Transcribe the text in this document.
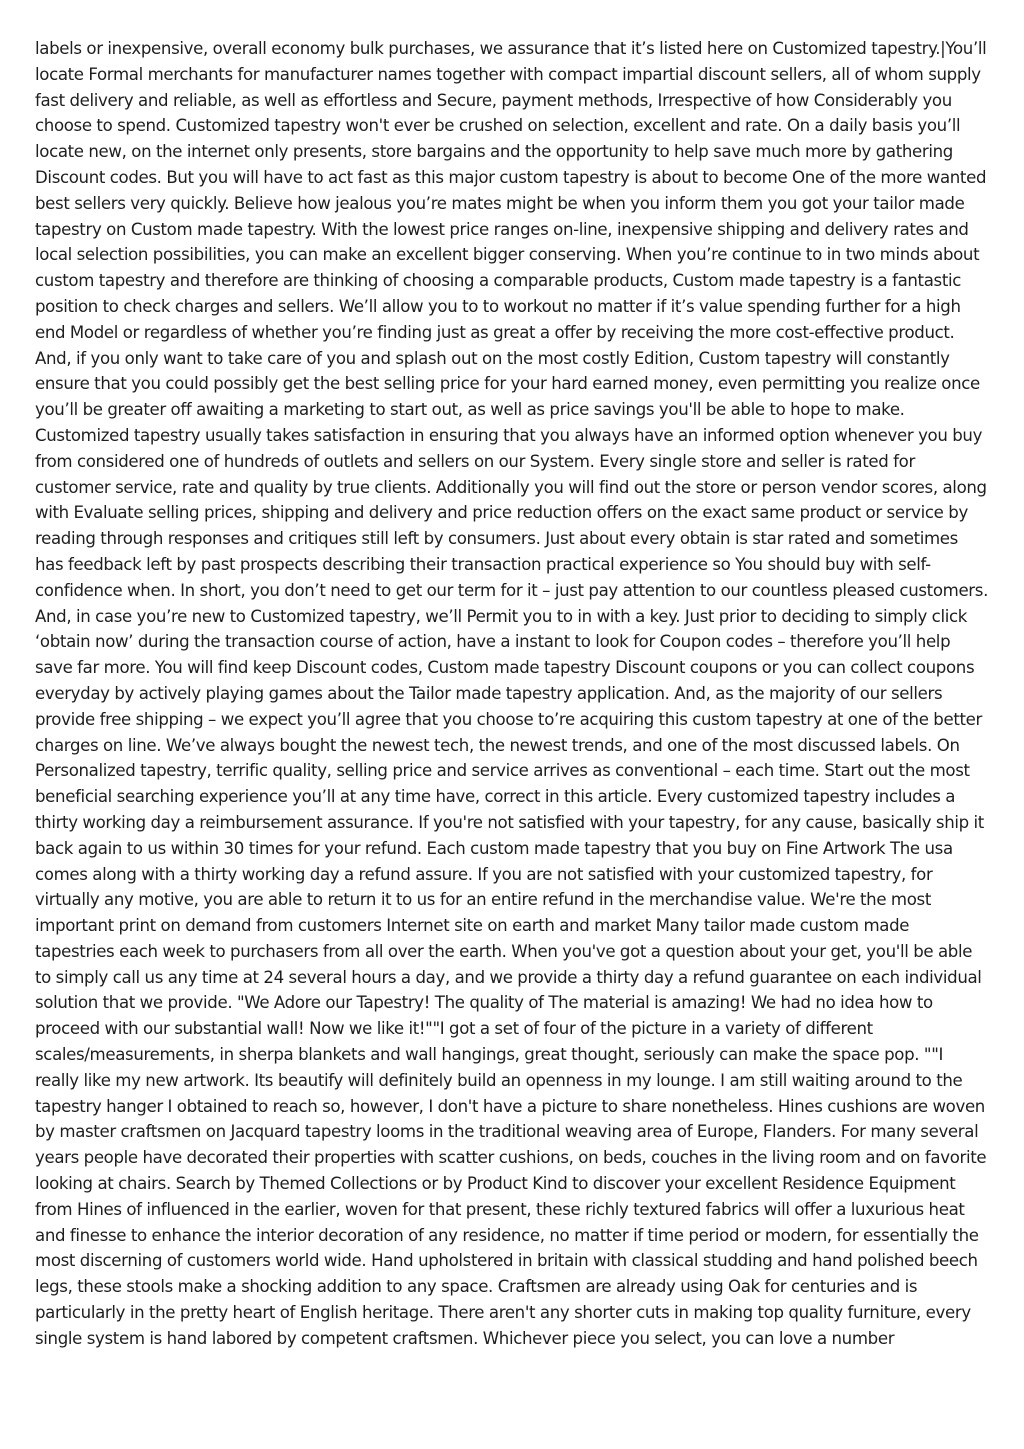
labels or inexpensive, overall economy bulk purchases, we assurance that it’s listed here on Customized tapestry.|You’ll locate Formal merchants for manufacturer names together with compact impartial discount sellers, all of whom supply fast delivery and reliable, as well as effortless and Secure, payment methods, Irrespective of how Considerably you choose to spend. Customized tapestry won't ever be crushed on selection, excellent and rate. On a daily basis you’ll locate new, on the internet only presents, store bargains and the opportunity to help save much more by gathering Discount codes. But you will have to act fast as this major custom tapestry is about to become One of the more wanted best sellers very quickly. Believe how jealous you’re mates might be when you inform them you got your tailor made tapestry on Custom made tapestry. With the lowest price ranges on-line, inexpensive shipping and delivery rates and local selection possibilities, you can make an excellent bigger conserving. When you’re continue to in two minds about custom tapestry and therefore are thinking of choosing a comparable products, Custom made tapestry is a fantastic position to check charges and sellers. We’ll allow you to to workout no matter if it’s value spending further for a high end Model or regardless of whether you’re finding just as great a offer by receiving the more cost-effective product. And, if you only want to take care of you and splash out on the most costly Edition, Custom tapestry will constantly ensure that you could possibly get the best selling price for your hard earned money, even permitting you realize once you’ll be greater off awaiting a marketing to start out, as well as price savings you'll be able to hope to make. Customized tapestry usually takes satisfaction in ensuring that you always have an informed option whenever you buy from considered one of hundreds of outlets and sellers on our System. Every single store and seller is rated for customer service, rate and quality by true clients. Additionally you will find out the store or person vendor scores, along with Evaluate selling prices, shipping and delivery and price reduction offers on the exact same product or service by reading through responses and critiques still left by consumers. Just about every obtain is star rated and sometimes has feedback left by past prospects describing their transaction practical experience so You should buy with self-confidence when. In short, you don’t need to get our term for it – just pay attention to our countless pleased customers. And, in case you’re new to Customized tapestry, we’ll Permit you to in with a key. Just prior to deciding to simply click ‘obtain now’ during the transaction course of action, have a instant to look for Coupon codes – therefore you’ll help save far more. You will find keep Discount codes, Custom made tapestry Discount coupons or you can collect coupons everyday by actively playing games about the Tailor made tapestry application. And, as the majority of our sellers provide free shipping – we expect you’ll agree that you choose to’re acquiring this custom tapestry at one of the better charges on line. We’ve always bought the newest tech, the newest trends, and one of the most discussed labels. On Personalized tapestry, terrific quality, selling price and service arrives as conventional – each time. Start out the most beneficial searching experience you’ll at any time have, correct in this article. Every customized tapestry includes a thirty working day a reimbursement assurance. If you're not satisfied with your tapestry, for any cause, basically ship it back again to us within 30 times for your refund. Each custom made tapestry that you buy on Fine Artwork The usa comes along with a thirty working day a refund assure. If you are not satisfied with your customized tapestry, for virtually any motive, you are able to return it to us for an entire refund in the merchandise value. We're the most important print on demand from customers Internet site on earth and market Many tailor made custom made tapestries each week to purchasers from all over the earth. When you've got a question about your get, you'll be able to simply call us any time at 24 several hours a day, and we provide a thirty day a refund guarantee on each individual solution that we provide. "We Adore our Tapestry! The quality of The material is amazing! We had no idea how to proceed with our substantial wall! Now we like it!""I got a set of four of the picture in a variety of different scales/measurements, in sherpa blankets and wall hangings, great thought, seriously can make the space pop. ""I really like my new artwork. Its beautify will definitely build an openness in my lounge. I am still waiting around to the tapestry hanger I obtained to reach so, however, I don't have a picture to share nonetheless. Hines cushions are woven by master craftsmen on Jacquard tapestry looms in the traditional weaving area of Europe, Flanders. For many several years people have decorated their properties with scatter cushions, on beds, couches in the living room and on favorite looking at chairs. Search by Themed Collections or by Product Kind to discover your excellent Residence Equipment from Hines of influenced in the earlier, woven for that present, these richly textured fabrics will offer a luxurious heat and finesse to enhance the interior decoration of any residence, no matter if time period or modern, for essentially the most discerning of customers world wide. Hand upholstered in britain with classical studding and hand polished beech legs, these stools make a shocking addition to any space. Craftsmen are already using Oak for centuries and is particularly in the pretty heart of English heritage. There aren't any shorter cuts in making top quality furniture, every single system is hand labored by competent craftsmen. Whichever piece you select, you can love a number
